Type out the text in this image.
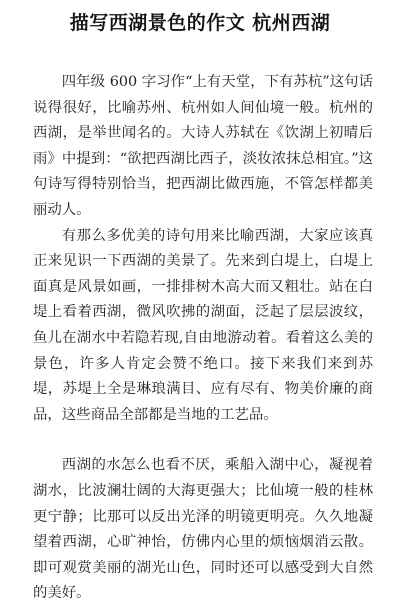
描写西湖景色的作文 杭州西湖

四年级 600 字习作“上有天堂，下有苏杭”这句话说得很好，比喻苏州、杭州如人间仙境一般。杭州的西湖，是举世闻名的。大诗人苏轼在《饮湖上初晴后雨》中提到：“欲把西湖比西子，淡妆浓抹总相宜。”这句诗写得特别恰当，把西湖比做西施，不管怎样都美丽动人。

有那么多优美的诗句用来比喻西湖，大家应该真正来见识一下西湖的美景了。先来到白堤上，白堤上面真是风景如画，一排排树木高大而又粗壮。站在白堤上看着西湖，微风吹拂的湖面，泛起了层层波纹，鱼儿在湖水中若隐若现,自由地游动着。看着这么美的景色，许多人肯定会赞不绝口。接下来我们来到苏堤，苏堤上全是琳琅满目、应有尽有、物美价廉的商品，这些商品全部都是当地的工艺品。

西湖的水怎么也看不厌，乘船入湖中心，凝视着湖水，比波澜壮阔的大海更强大；比仙境一般的桂林更宁静；比那可以反出光泽的明镜更明亮。久久地凝望着西湖，心旷神怡，仿佛内心里的烦恼烟消云散。即可观赏美丽的湖光山色，同时还可以感受到大自然的美好。
